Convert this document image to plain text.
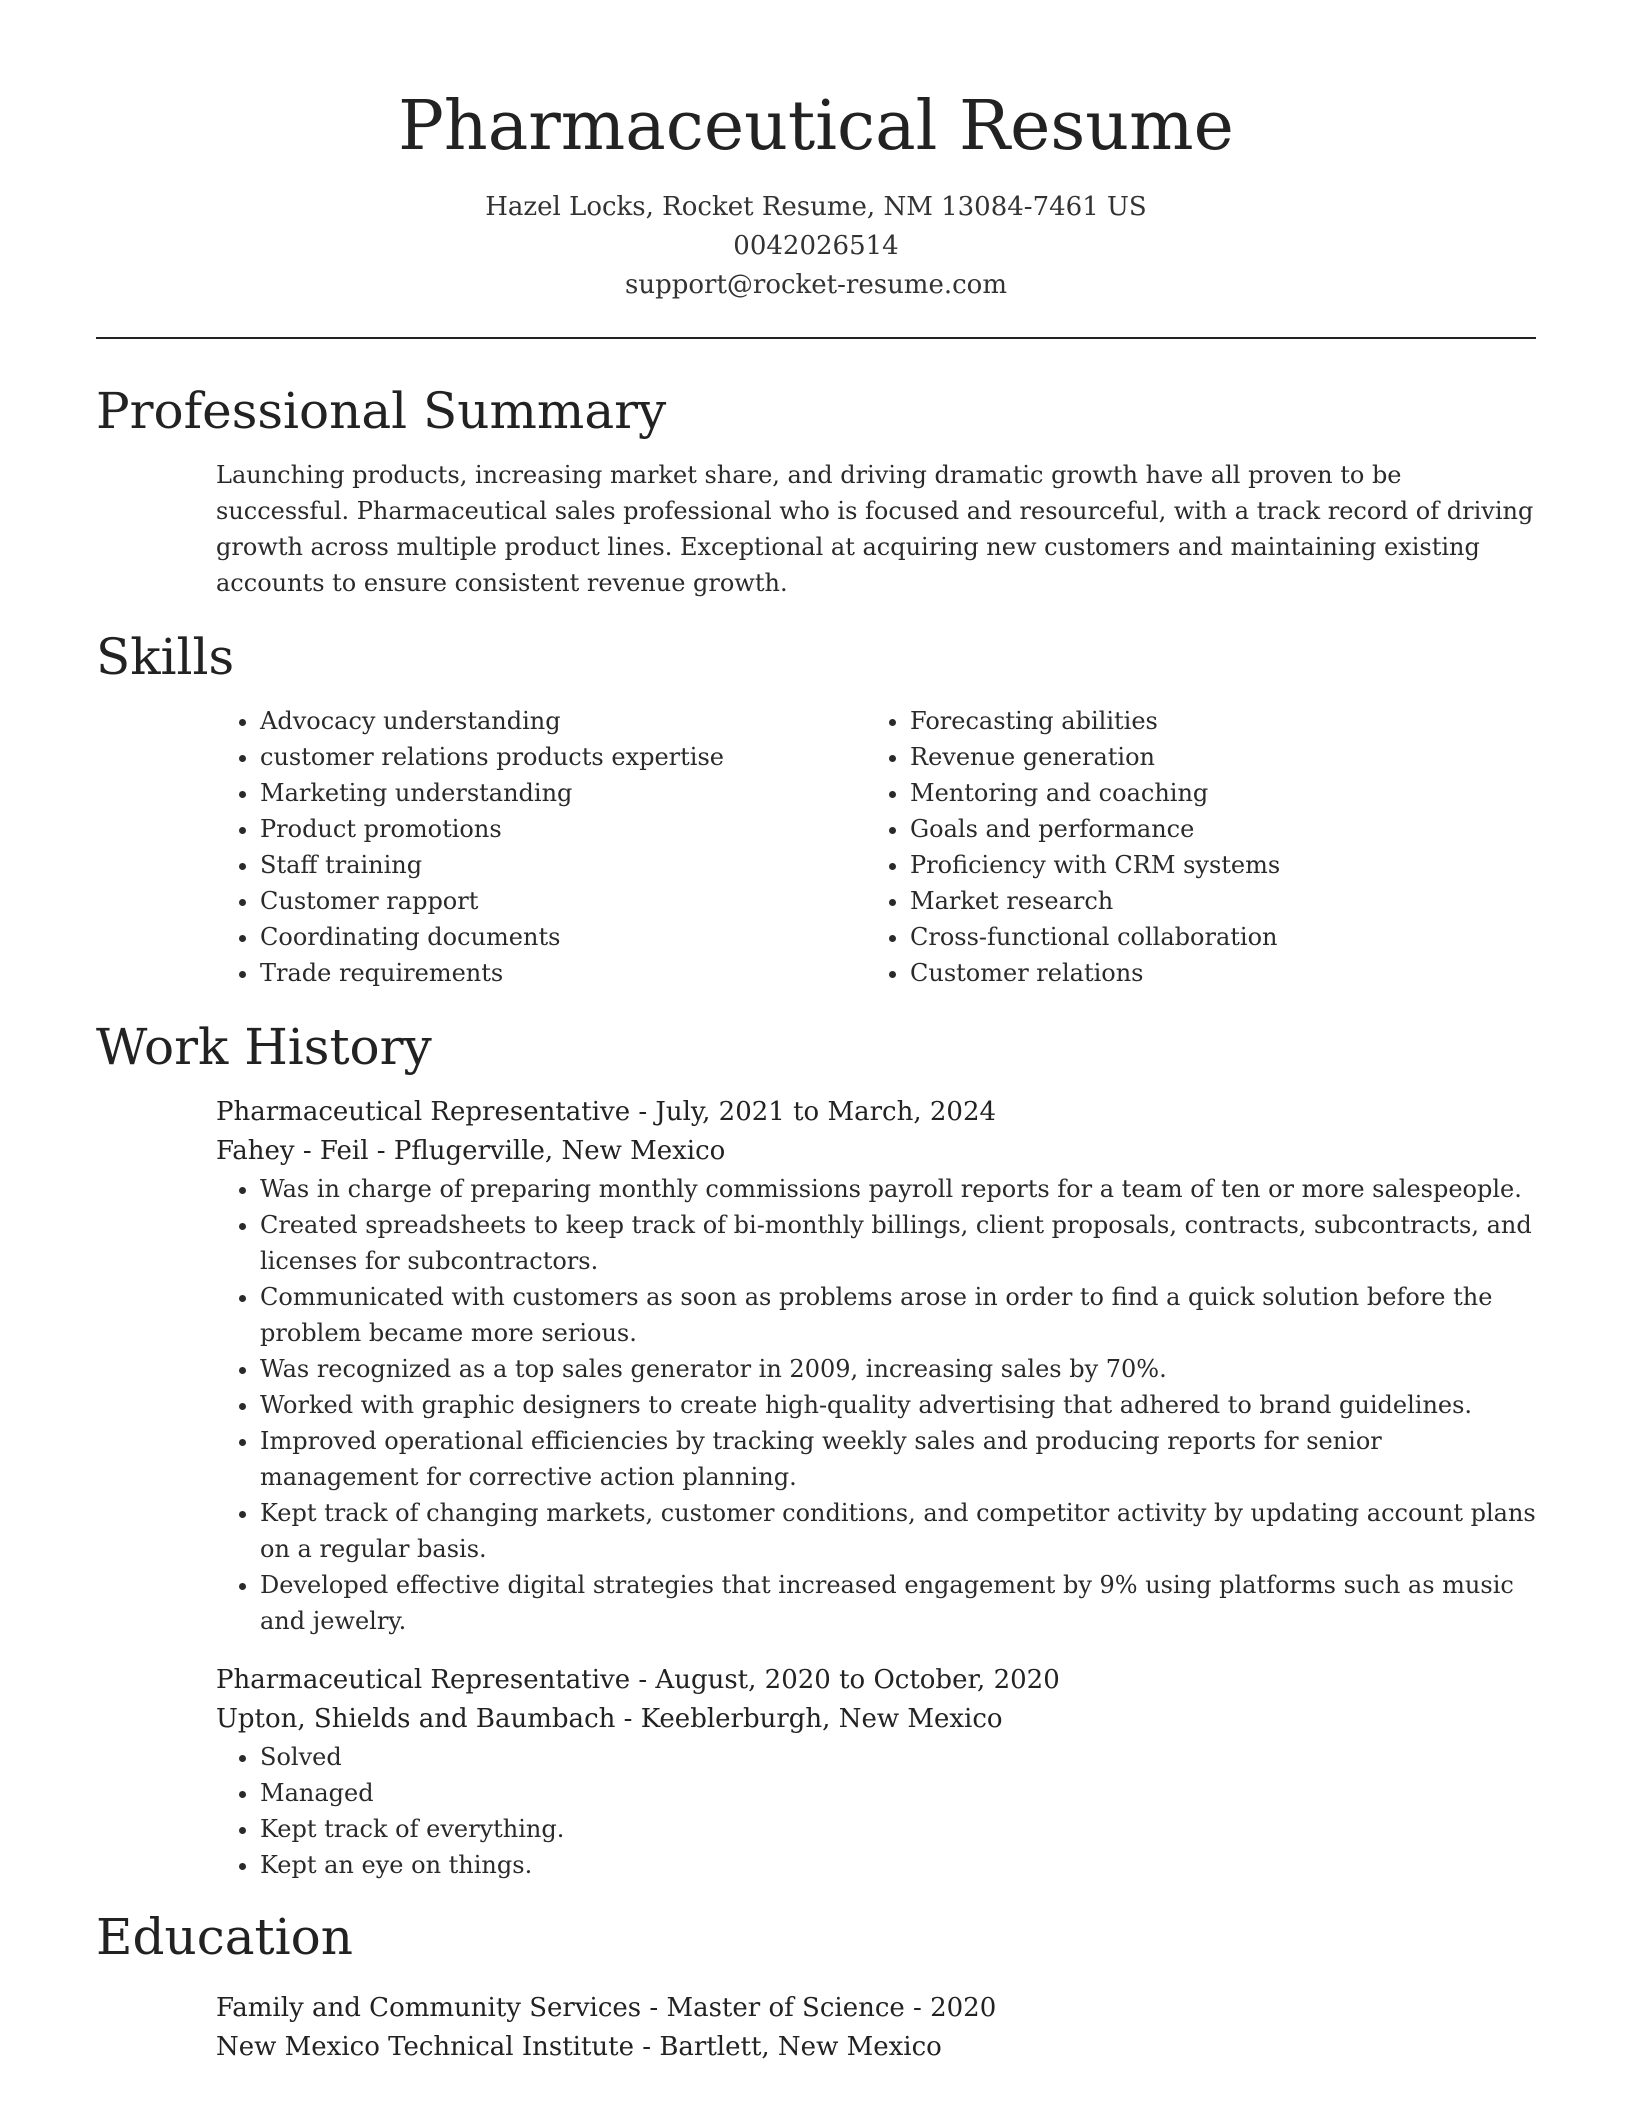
Pharmaceutical Resume
Hazel Locks, Rocket Resume, NM 13084-7461 US
0042026514
support@rocket-resume.com
Professional Summary

Launching products, increasing market share, and driving dramatic growth have all proven to be successful. Pharmaceutical sales professional who is focused and resourceful, with a track record of driving growth across multiple product lines. Exceptional at acquiring new customers and maintaining existing accounts to ensure consistent revenue growth.

Skills
• Advocacy understanding
• customer relations products expertise
• Marketing understanding
• Product promotions
• Staff training
• Customer rapport
• Coordinating documents
• Trade requirements
• Forecasting abilities
• Revenue generation
• Mentoring and coaching
• Goals and performance
• Proficiency with CRM systems
• Market research
• Cross-functional collaboration
• Customer relations
Work History
Pharmaceutical Representative - July, 2021 to March, 2024
Fahey - Feil - Pflugerville, New Mexico
• Was in charge of preparing monthly commissions payroll reports for a team of ten or more salespeople.
• Created spreadsheets to keep track of bi-monthly billings, client proposals, contracts, subcontracts, and licenses for subcontractors.
• Communicated with customers as soon as problems arose in order to find a quick solution before the problem became more serious.
• Was recognized as a top sales generator in 2009, increasing sales by 70%.
• Worked with graphic designers to create high-quality advertising that adhered to brand guidelines.
• Improved operational efficiencies by tracking weekly sales and producing reports for senior management for corrective action planning.
• Kept track of changing markets, customer conditions, and competitor activity by updating account plans on a regular basis.
• Developed effective digital strategies that increased engagement by 9% using platforms such as music and jewelry.
Pharmaceutical Representative - August, 2020 to October, 2020
Upton, Shields and Baumbach - Keeblerburgh, New Mexico
• Solved
• Managed
• Kept track of everything.
• Kept an eye on things.
Education
Family and Community Services - Master of Science - 2020
New Mexico Technical Institute - Bartlett, New Mexico
